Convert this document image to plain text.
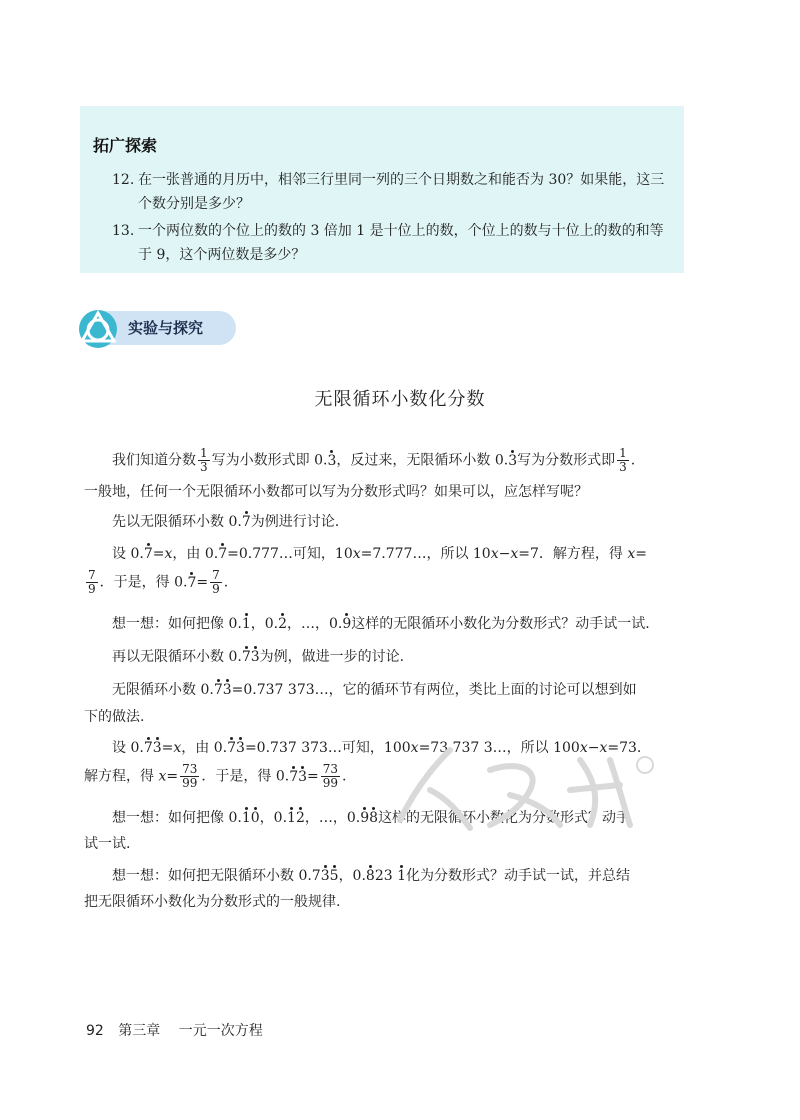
拓广探索
12. 在一张普通的月历中，相邻三行里同一列的三个日期数之和能否为 30？如果能，这三个数分别是多少？
13. 一个两位数的个位上的数的 3 倍加 1 是十位上的数，个位上的数与十位上的数的和等于 9，这个两位数是多少？
实验与探究
无限循环小数化分数
我们知道分数 $\frac{1}{3}$ 写为小数形式即 0.3，反过来，无限循环小数 0.3写为分数形式即 $\frac{1}{3}$ .
一般地，任何一个无限循环小数都可以写为分数形式吗？如果可以，应怎样写呢？
先以无限循环小数 0.7为例进行讨论.
设 0.7=x，由 0.7=0.777…可知，10x=7.777…，所以 10x−x=7．解方程，得 x=
$\frac{7}{9}$ ．于是，得 $0.7= \frac{7}{9}$ .
想一想：如何把像 0.1，0.2，…，0.9这样的无限循环小数化为分数形式？动手试一试.
再以无限循环小数 0.73为例，做进一步的讨论.
无限循环小数 0.73=0.737 373…，它的循环节有两位，类比上面的讨论可以想到如
下的做法.
设 0.73=x，由 0.73=0.737 373…可知，100x=73.737 3…，所以 100x−x=73.
解方程，得 $x= \frac{73}{99}$ ．于是，得 $0.73= \frac{73}{99}$ .
想一想：如何把像 0.10，0.12，…，0.98这样的无限循环小数化为分数形式？动手
试一试.
想一想：如何把无限循环小数 0.735，0.823 1化为分数形式？动手试一试，并总结
把无限循环小数化为分数形式的一般规律.
92 第三章 一元一次方程
